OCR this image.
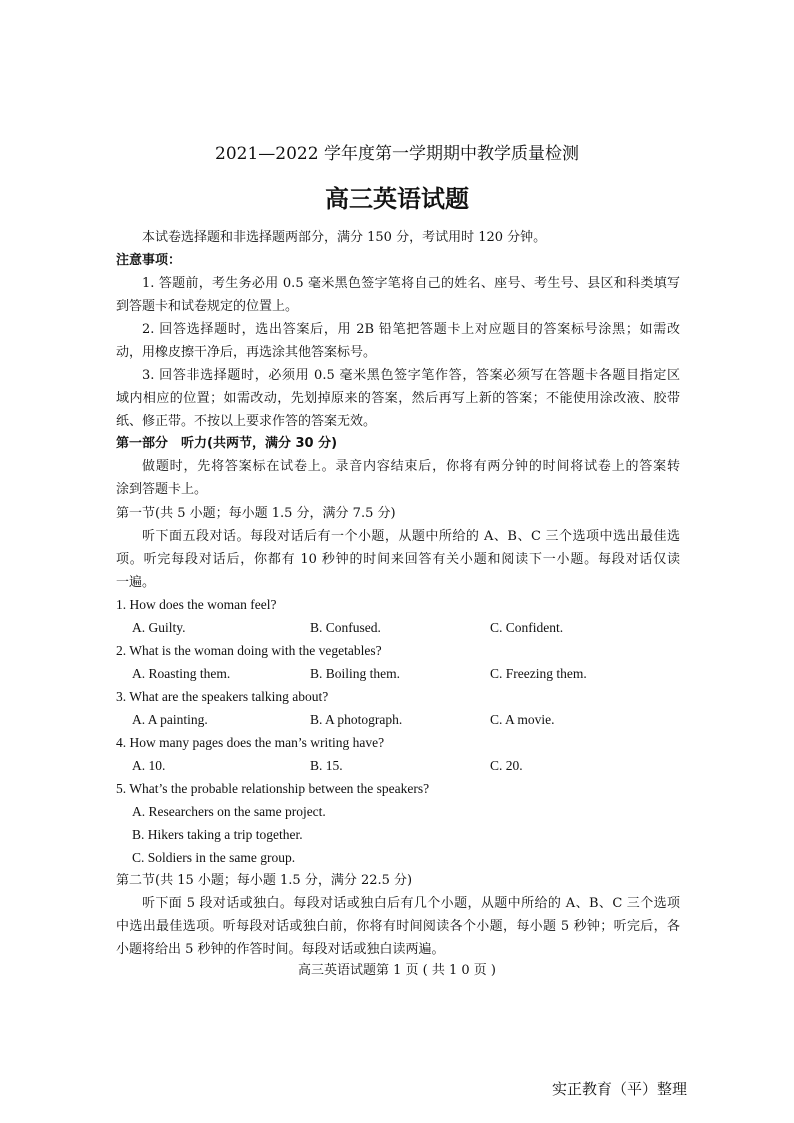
2021—2022 学年度第一学期期中教学质量检测
高三英语试题
本试卷选择题和非选择题两部分，满分 150 分，考试用时 120 分钟。
注意事项：
1. 答题前，考生务必用 0.5 毫米黑色签字笔将自己的姓名、座号、考生号、县区和科类填写
到答题卡和试卷规定的位置上。
2. 回答选择题时，选出答案后，用 2B 铅笔把答题卡上对应题目的答案标号涂黑；如需改
动，用橡皮擦干净后，再选涂其他答案标号。
3. 回答非选择题时，必须用 0.5 毫米黑色签字笔作答，答案必须写在答题卡各题目指定区
域内相应的位置；如需改动，先划掉原来的答案，然后再写上新的答案；不能使用涂改液、胶带
纸、修正带。不按以上要求作答的答案无效。
第一部分　听力(共两节，满分 30 分)
做题时，先将答案标在试卷上。录音内容结束后，你将有两分钟的时间将试卷上的答案转
涂到答题卡上。
第一节(共 5 小题；每小题 1.5 分，满分 7.5 分)
听下面五段对话。每段对话后有一个小题，从题中所给的 A、B、C 三个选项中选出最佳选
项。听完每段对话后，你都有 10 秒钟的时间来回答有关小题和阅读下一小题。每段对话仅读
一遍。
1. How does the woman feel?
A. Guilty.	B. Confused.	C. Confident.
2. What is the woman doing with the vegetables?
A. Roasting them.	B. Boiling them.	C. Freezing them.
3. What are the speakers talking about?
A. A painting.	B. A photograph.	C. A movie.
4. How many pages does the man’s writing have?
A. 10.	B. 15.	C. 20.
5. What’s the probable relationship between the speakers?
A. Researchers on the same project.
B. Hikers taking a trip together.
C. Soldiers in the same group.
第二节(共 15 小题；每小题 1.5 分，满分 22.5 分)
听下面 5 段对话或独白。每段对话或独白后有几个小题，从题中所给的 A、B、C 三个选项
中选出最佳选项。听每段对话或独白前，你将有时间阅读各个小题，每小题 5 秒钟；听完后，各
小题将给出 5 秒钟的作答时间。每段对话或独白读两遍。
高三英语试题第 1 页 ( 共 1 0 页 )
实正教育（平）整理
